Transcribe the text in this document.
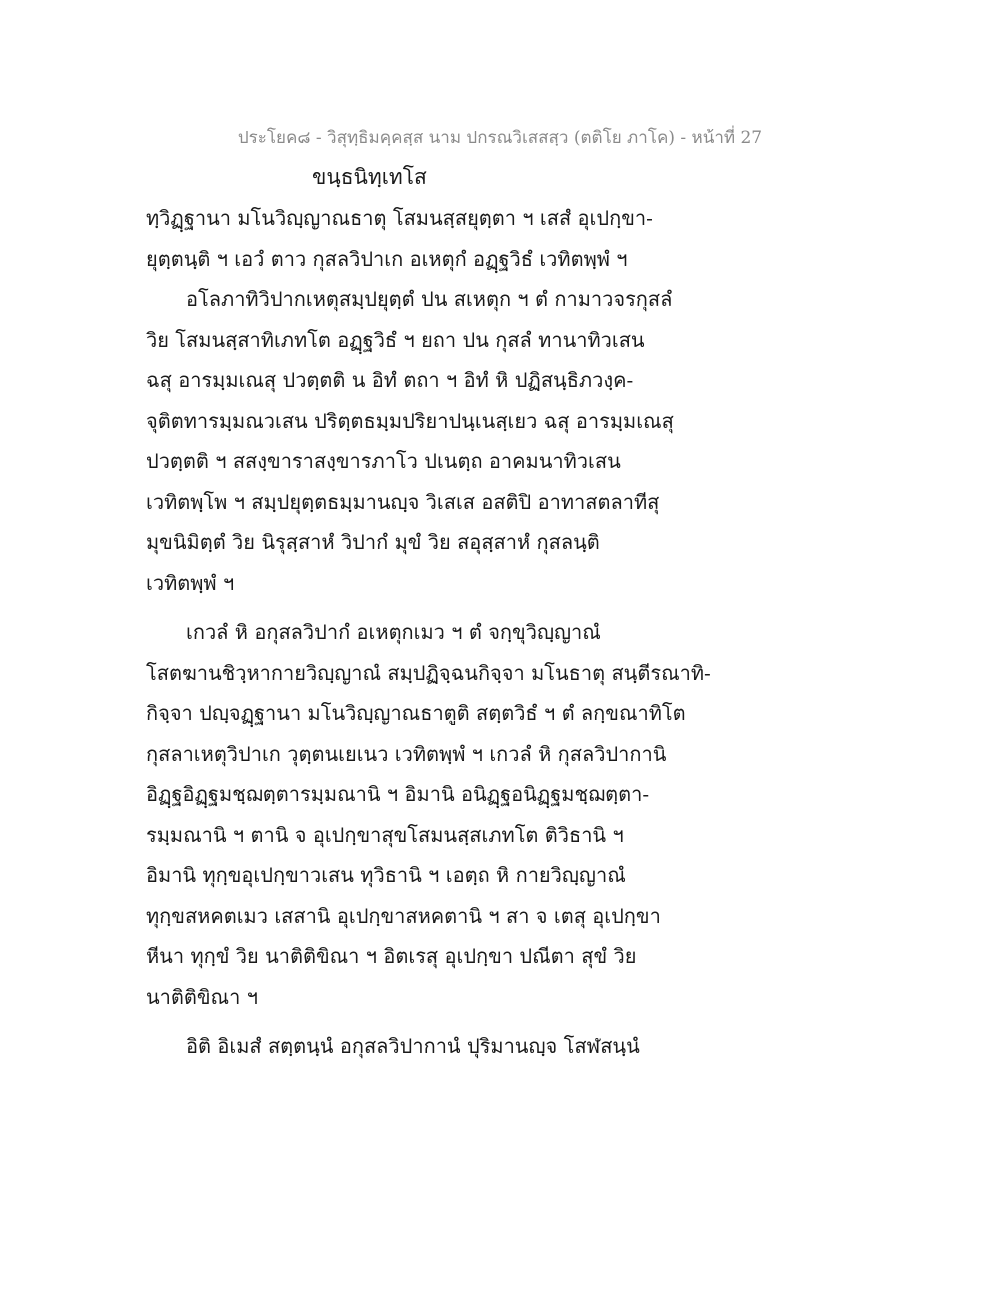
ประโยค๘ - วิสุทฺธิมคฺคสฺส นาม ปกรณวิเสสสฺว (ตติโย ภาโค) - หน้าที่ 27
ขนฺธนิทฺเทโส
ทฺวิฏฺฐานา มโนวิญฺญาณธาตุ โสมนสฺสยุตฺตา ฯ เสสํ อุเปกฺขา-
ยุตฺตนฺติ ฯ เอวํ ตาว กุสลวิปาเก อเหตุกํ อฏฺฐวิธํ เวทิตพฺพํ ฯ
อโลภาทิวิปากเหตุสมฺปยุตฺตํ ปน สเหตุก ฯ ตํ กามาวจรกุสลํ
วิย โสมนสฺสาทิเภทโต อฏฺฐวิธํ ฯ ยถา ปน กุสลํ ทานาทิวเสน
ฉสุ อารมฺมเณสุ ปวตฺตติ น อิทํ ตถา ฯ อิทํ หิ ปฏิสนฺธิภวงฺค-
จุติตทารมฺมณวเสน ปริตฺตธมฺมปริยาปนฺเนสฺเยว ฉสุ อารมฺมเณสุ
ปวตฺตติ ฯ สสงฺขาราสงฺขารภาโว ปเนตฺถ อาคมนาทิวเสน
เวทิตพฺโพ ฯ สมฺปยุตฺตธมฺมานญฺจ วิเสเส อสติปิ อาทาสตลาทีสุ
มุขนิมิตฺตํ วิย นิรุสฺสาหํ วิปากํ มุขํ วิย สอุสฺสาหํ กุสลนฺติ
เวทิตพฺพํ ฯ
เกวลํ หิ อกุสลวิปากํ อเหตุกเมว ฯ ตํ จกฺขุวิญฺญาณํ
โสตฆานชิวฺหากายวิญฺญาณํ สมฺปฏิจฺฉนกิจฺจา มโนธาตุ สนฺตีรณาทิ-
กิจฺจา ปญฺจฏฺฐานา มโนวิญฺญาณธาตูติ สตฺตวิธํ ฯ ตํ ลกฺขณาทิโต
กุสลาเหตุวิปาเก วุตฺตนเยเนว เวทิตพฺพํ ฯ เกวลํ หิ กุสลวิปากานิ
อิฏฺฐอิฏฺฐมชฺฌตฺตารมฺมณานิ ฯ อิมานิ อนิฏฺฐอนิฏฺฐมชฺฌตฺตา-
รมฺมณานิ ฯ ตานิ จ อุเปกฺขาสุขโสมนสฺสเภทโต ติวิธานิ ฯ
อิมานิ ทุกฺขอุเปกฺขาวเสน ทุวิธานิ ฯ เอตฺถ หิ กายวิญฺญาณํ
ทุกฺขสหคตเมว เสสานิ อุเปกฺขาสหคตานิ ฯ สา จ เตสุ อุเปกฺขา
หีนา ทุกฺขํ วิย นาติติขิณา ฯ อิตเรสุ อุเปกฺขา ปณีตา สุขํ วิย
นาติติขิณา ฯ
อิติ อิเมสํ สตฺตนฺนํ อกุสลวิปากานํ ปุริมานญฺจ โสฬสนฺนํ
